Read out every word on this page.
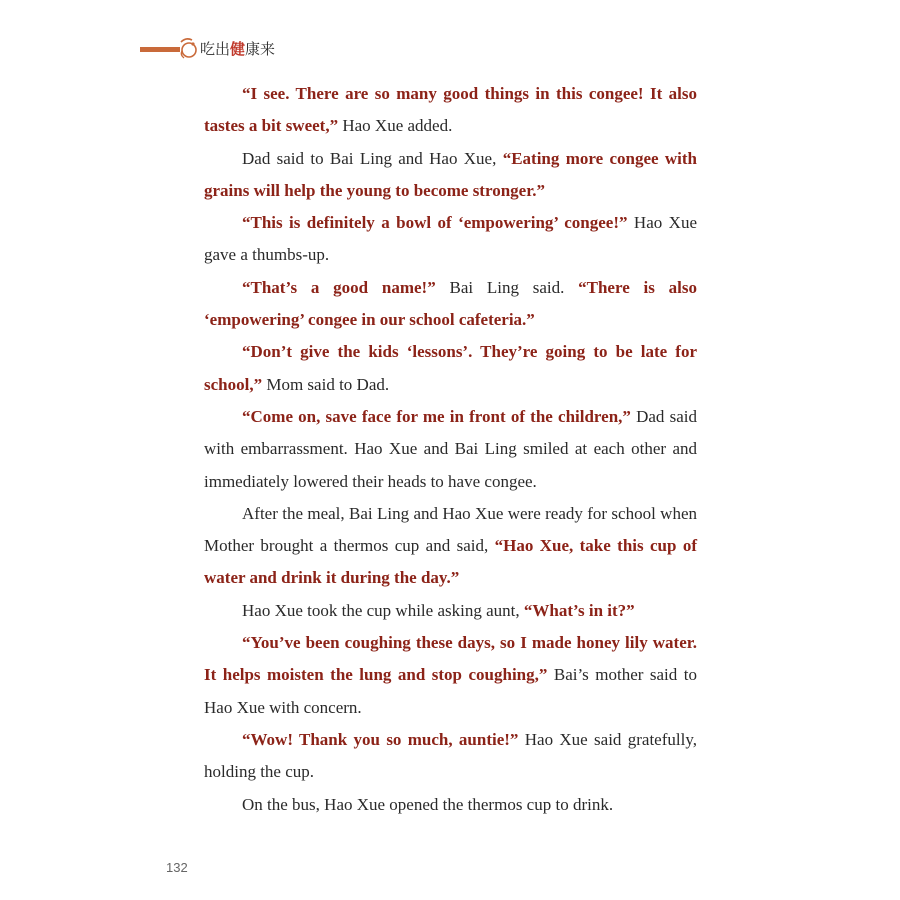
吃出健康来

“I see. There are so many good things in this congee! It also tastes a bit sweet,” Hao Xue added.

Dad said to Bai Ling and Hao Xue, “Eating more congee with grains will help the young to become stronger.”

“This is definitely a bowl of ‘empowering’ congee!” Hao Xue gave a thumbs-up.

“That’s a good name!” Bai Ling said. “There is also ‘empowering’ congee in our school cafeteria.”

“Don’t give the kids ‘lessons’. They’re going to be late for school,” Mom said to Dad.

“Come on, save face for me in front of the children,” Dad said with embarrassment. Hao Xue and Bai Ling smiled at each other and immediately lowered their heads to have congee.

After the meal, Bai Ling and Hao Xue were ready for school when Mother brought a thermos cup and said, “Hao Xue, take this cup of water and drink it during the day.”

Hao Xue took the cup while asking aunt, “What’s in it?”

“You’ve been coughing these days, so I made honey lily water. It helps moisten the lung and stop coughing,” Bai’s mother said to Hao Xue with concern.

“Wow! Thank you so much, auntie!” Hao Xue said gratefully, holding the cup.

On the bus, Hao Xue opened the thermos cup to drink.

132
